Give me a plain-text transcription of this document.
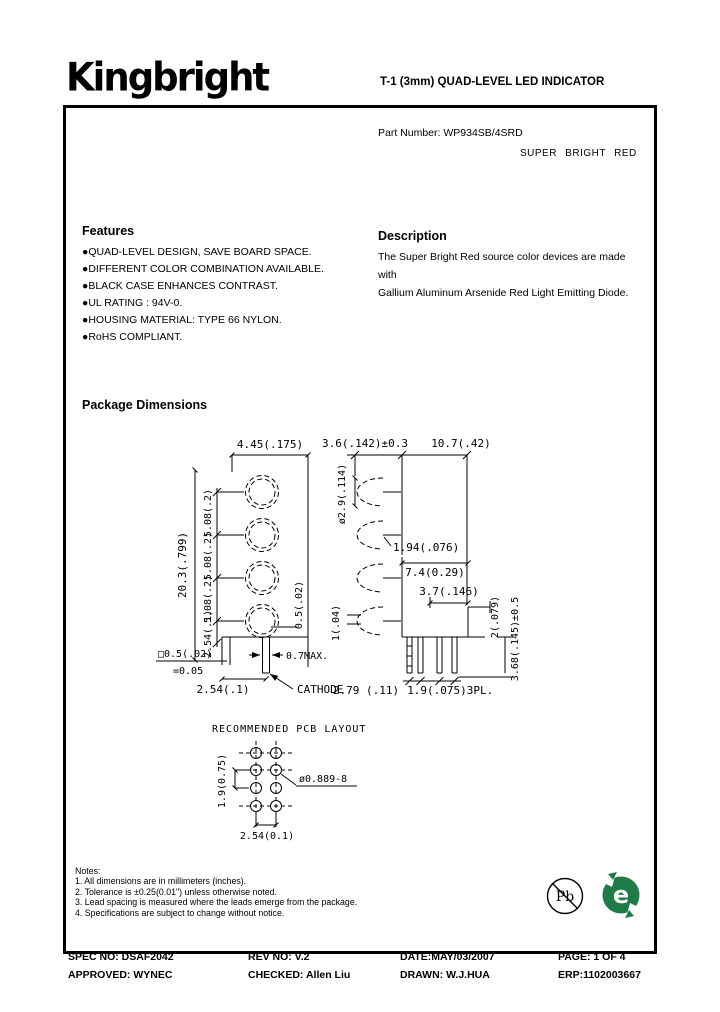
Kingbright	T-1 (3mm) QUAD-LEVEL LED INDICATOR
Part Number: WP934SB/4SRD
SUPER BRIGHT RED
Features
●QUAD-LEVEL DESIGN, SAVE BOARD SPACE.
●DIFFERENT COLOR COMBINATION AVAILABLE.
●BLACK CASE ENHANCES CONTRAST.
●UL RATING : 94V-0.
●HOUSING MATERIAL: TYPE 66 NYLON.
●RoHS COMPLIANT.
Description
The Super Bright Red source color devices are made with
Gallium Aluminum Arsenide Red Light Emitting Diode.
Package Dimensions
20.3(.799)
5.08(.2)
5.08(.2)
5.08(.2)
2.54(.1)
4.45(.175)
0.5(.02)
0.7MAX.
□0.5(.02)
=0.05
2.54(.1)	CATHODE
3.6(.142)±0.3 10.7(.42)
ø2.9(.114)
1.94(.076)
7.4(0.29)
3.7(.146)
2(.079) 3.68(.145)±0.5
1(.04)
2.79 (.11) 1.9(.075) 3PL.
RECOMMENDED PCB LAYOUT
1.9(0.75)	ø0.889-8
2.54(0.1)
Notes:
1. All dimensions are in millimeters (inches).
2. Tolerance is ±0.25(0.01") unless otherwise noted.
3. Lead spacing is measured where the leads emerge from the package.
4. Specifications are subject to change without notice.
Pb e
SPEC NO: DSAF2042	REV NO: V.2	DATE:MAY/03/2007	PAGE: 1 OF 4
APPROVED: WYNEC	CHECKED: Allen Liu	DRAWN: W.J.HUA	ERP:1102003667
